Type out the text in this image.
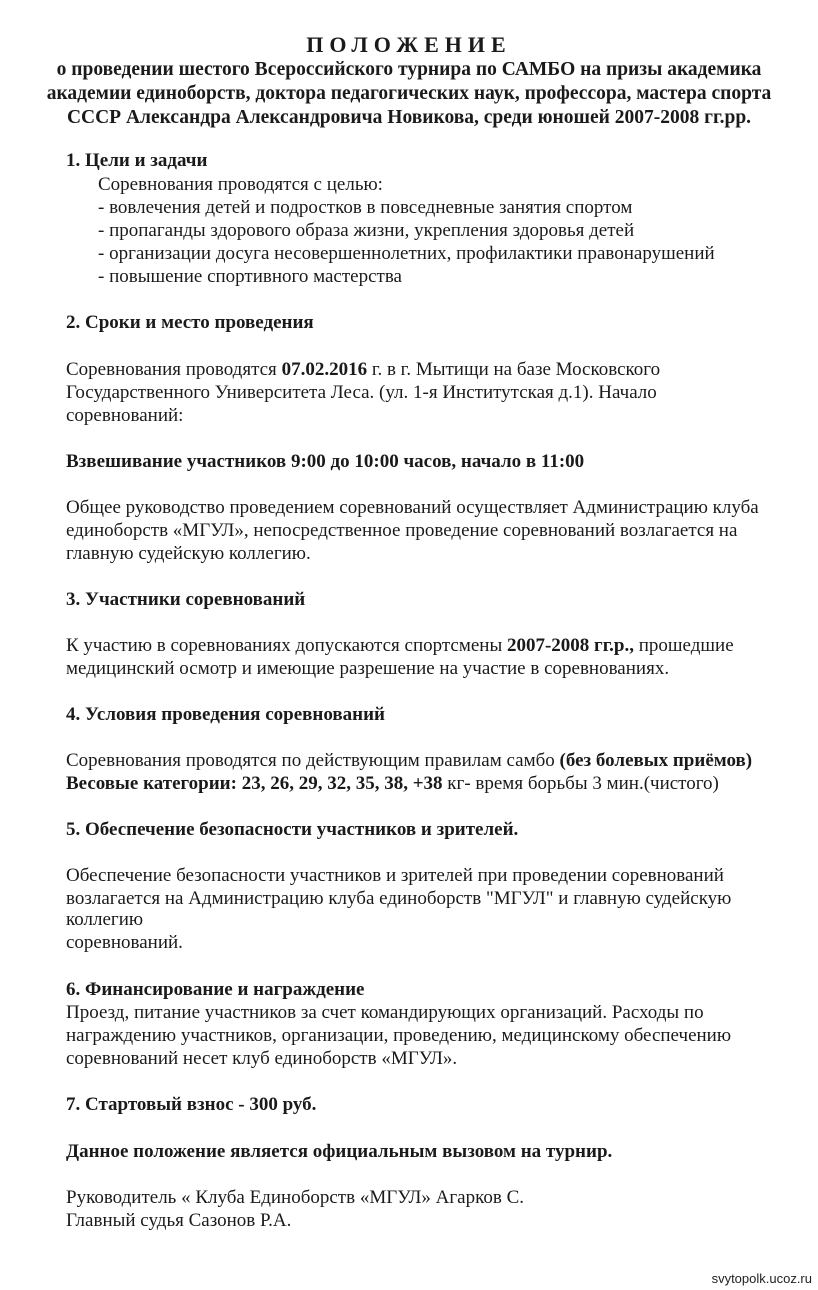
ПОЛОЖЕНИЕ
о проведении шестого Всероссийского турнира по САМБО на призы академика
академии единоборств, доктора педагогических наук, профессора, мастера спорта
СССР Александра Александровича Новикова, среди юношей 2007-2008 гг.рр.
1. Цели и задачи
Соревнования проводятся с целью:
- вовлечения детей и подростков в повседневные занятия спортом
- пропаганды здорового образа жизни, укрепления здоровья детей
- организации досуга несовершеннолетних, профилактики правонарушений
- повышение спортивного мастерства
2. Сроки и место проведения
Соревнования проводятся 07.02.2016 г. в г. Мытищи на базе Московского
Государственного Университета Леса. (ул. 1-я Институтская д.1). Начало
соревнований:
Взвешивание участников 9:00 до 10:00 часов, начало в 11:00
Общее руководство проведением соревнований осуществляет Администрацию клуба
единоборств «МГУЛ», непосредственное проведение соревнований возлагается на
главную судейскую коллегию.
3. Участники соревнований
К участию в соревнованиях допускаются спортсмены 2007-2008 гг.р., прошедшие
медицинский осмотр и имеющие разрешение на участие в соревнованиях.
4. Условия проведения соревнований
Соревнования проводятся по действующим правилам самбо (без болевых приёмов)
Весовые категории: 23, 26, 29, 32, 35, 38, +38 кг- время борьбы 3 мин.(чистого)
5. Обеспечение безопасности участников и зрителей.
Обеспечение безопасности участников и зрителей при проведении соревнований
возлагается на Администрацию клуба единоборств "МГУЛ" и главную судейскую
коллегию
соревнований.
6. Финансирование и награждение
Проезд, питание участников за счет командирующих организаций. Расходы по
награждению участников, организации, проведению, медицинскому обеспечению
соревнований несет клуб единоборств «МГУЛ».
7. Стартовый взнос - 300 руб.
Данное положение является официальным вызовом на турнир.
Руководитель « Клуба Единоборств «МГУЛ» Агарков С.
Главный судья Сазонов Р.А.
svytopolk.ucoz.ru
